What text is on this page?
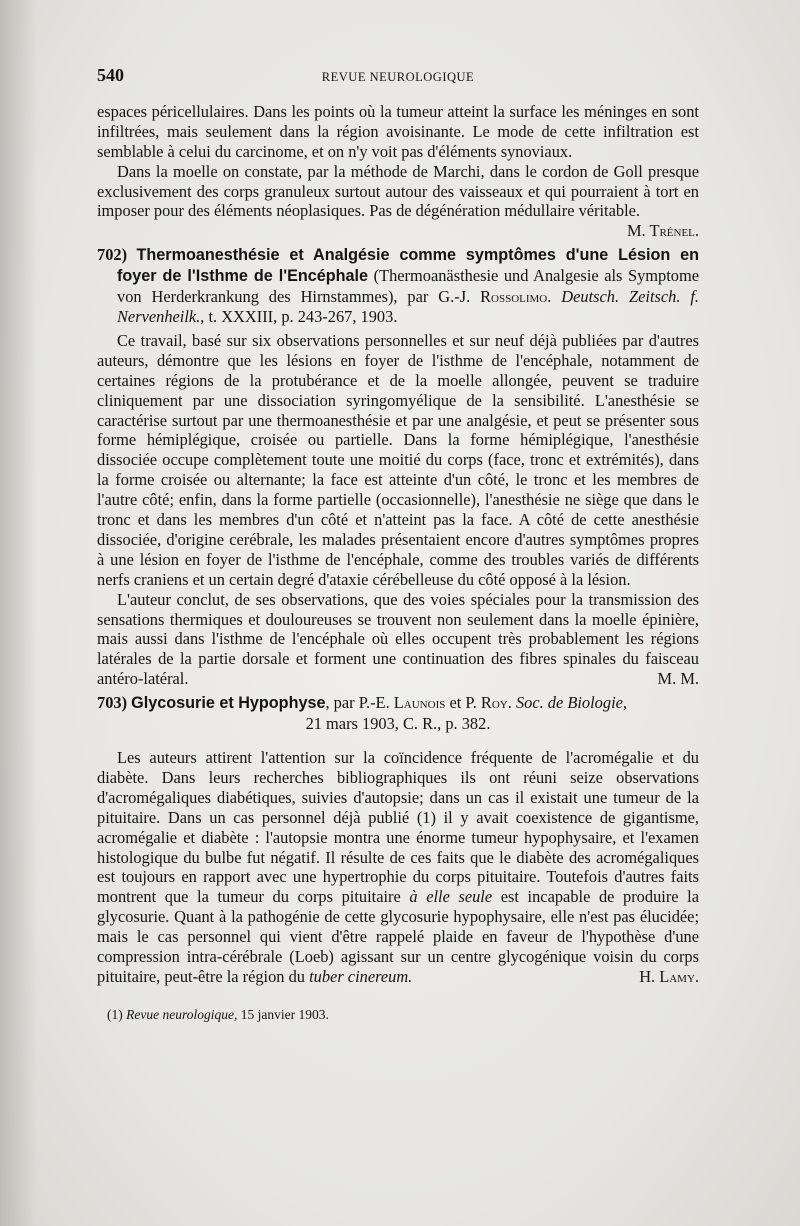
540	REVUE NEUROLOGIQUE

espaces péricellulaires. Dans les points où la tumeur atteint la surface les méninges en sont infiltrées, mais seulement dans la région avoisinante. Le mode de cette infiltration est semblable à celui du carcinome, et on n'y voit pas d'éléments synoviaux.

Dans la moelle on constate, par la méthode de Marchi, dans le cordon de Goll presque exclusivement des corps granuleux surtout autour des vaisseaux et qui pourraient à tort en imposer pour des éléments néoplasiques. Pas de dégénération médullaire véritable.
M. Trénel.

702) Thermoanesthésie et Analgésie comme symptômes d'une Lésion en foyer de l'Isthme de l'Encéphale (Thermoanästhesie und Analgesie als Symptome von Herderkrankung des Hirnstammes), par G.-J. Rossolimo. Deutsch. Zeitsch. f. Nervenheilk., t. XXXIII, p. 243-267, 1903.

Ce travail, basé sur six observations personnelles et sur neuf déjà publiées par d'autres auteurs, démontre que les lésions en foyer de l'isthme de l'encéphale, notamment de certaines régions de la protubérance et de la moelle allongée, peuvent se traduire cliniquement par une dissociation syringomyélique de la sensibilité. L'anesthésie se caractérise surtout par une thermoanesthésie et par une analgésie, et peut se présenter sous forme hémiplégique, croisée ou partielle. Dans la forme hémiplégique, l'anesthésie dissociée occupe complètement toute une moitié du corps (face, tronc et extrémités), dans la forme croisée ou alternante; la face est atteinte d'un côté, le tronc et les membres de l'autre côté; enfin, dans la forme partielle (occasionnelle), l'anesthésie ne siège que dans le tronc et dans les membres d'un côté et n'atteint pas la face. A côté de cette anesthésie dissociée, d'origine cerébrale, les malades présentaient encore d'autres symptômes propres à une lésion en foyer de l'isthme de l'encéphale, comme des troubles variés de différents nerfs craniens et un certain degré d'ataxie cérébelleuse du côté opposé à la lésion.

L'auteur conclut, de ses observations, que des voies spéciales pour la transmission des sensations thermiques et douloureuses se trouvent non seulement dans la moelle épinière, mais aussi dans l'isthme de l'encéphale où elles occupent très probablement les régions latérales de la partie dorsale et forment une continuation des fibres spinales du faisceau antéro-latéral.	M. M.

703) Glycosurie et Hypophyse, par P.-E. Launois et P. Roy. Soc. de Biologie,

21 mars 1903, C. R., p. 382.

Les auteurs attirent l'attention sur la coïncidence fréquente de l'acromégalie et du diabète. Dans leurs recherches bibliographiques ils ont réuni seize observations d'acromégaliques diabétiques, suivies d'autopsie; dans un cas il existait une tumeur de la pituitaire. Dans un cas personnel déjà publié (1) il y avait coexistence de gigantisme, acromégalie et diabète : l'autopsie montra une énorme tumeur hypophysaire, et l'examen histologique du bulbe fut négatif. Il résulte de ces faits que le diabète des acromégaliques est toujours en rapport avec une hypertrophie du corps pituitaire. Toutefois d'autres faits montrent que la tumeur du corps pituitaire à elle seule est incapable de produire la glycosurie. Quant à la pathogénie de cette glycosurie hypophysaire, elle n'est pas élucidée; mais le cas personnel qui vient d'être rappelé plaide en faveur de l'hypothèse d'une compression intra-cérébrale (Loeb) agissant sur un centre glycogénique voisin du corps pituitaire, peut-être la région du tuber cinereum.	H. Lamy.

(1) Revue neurologique, 15 janvier 1903.
